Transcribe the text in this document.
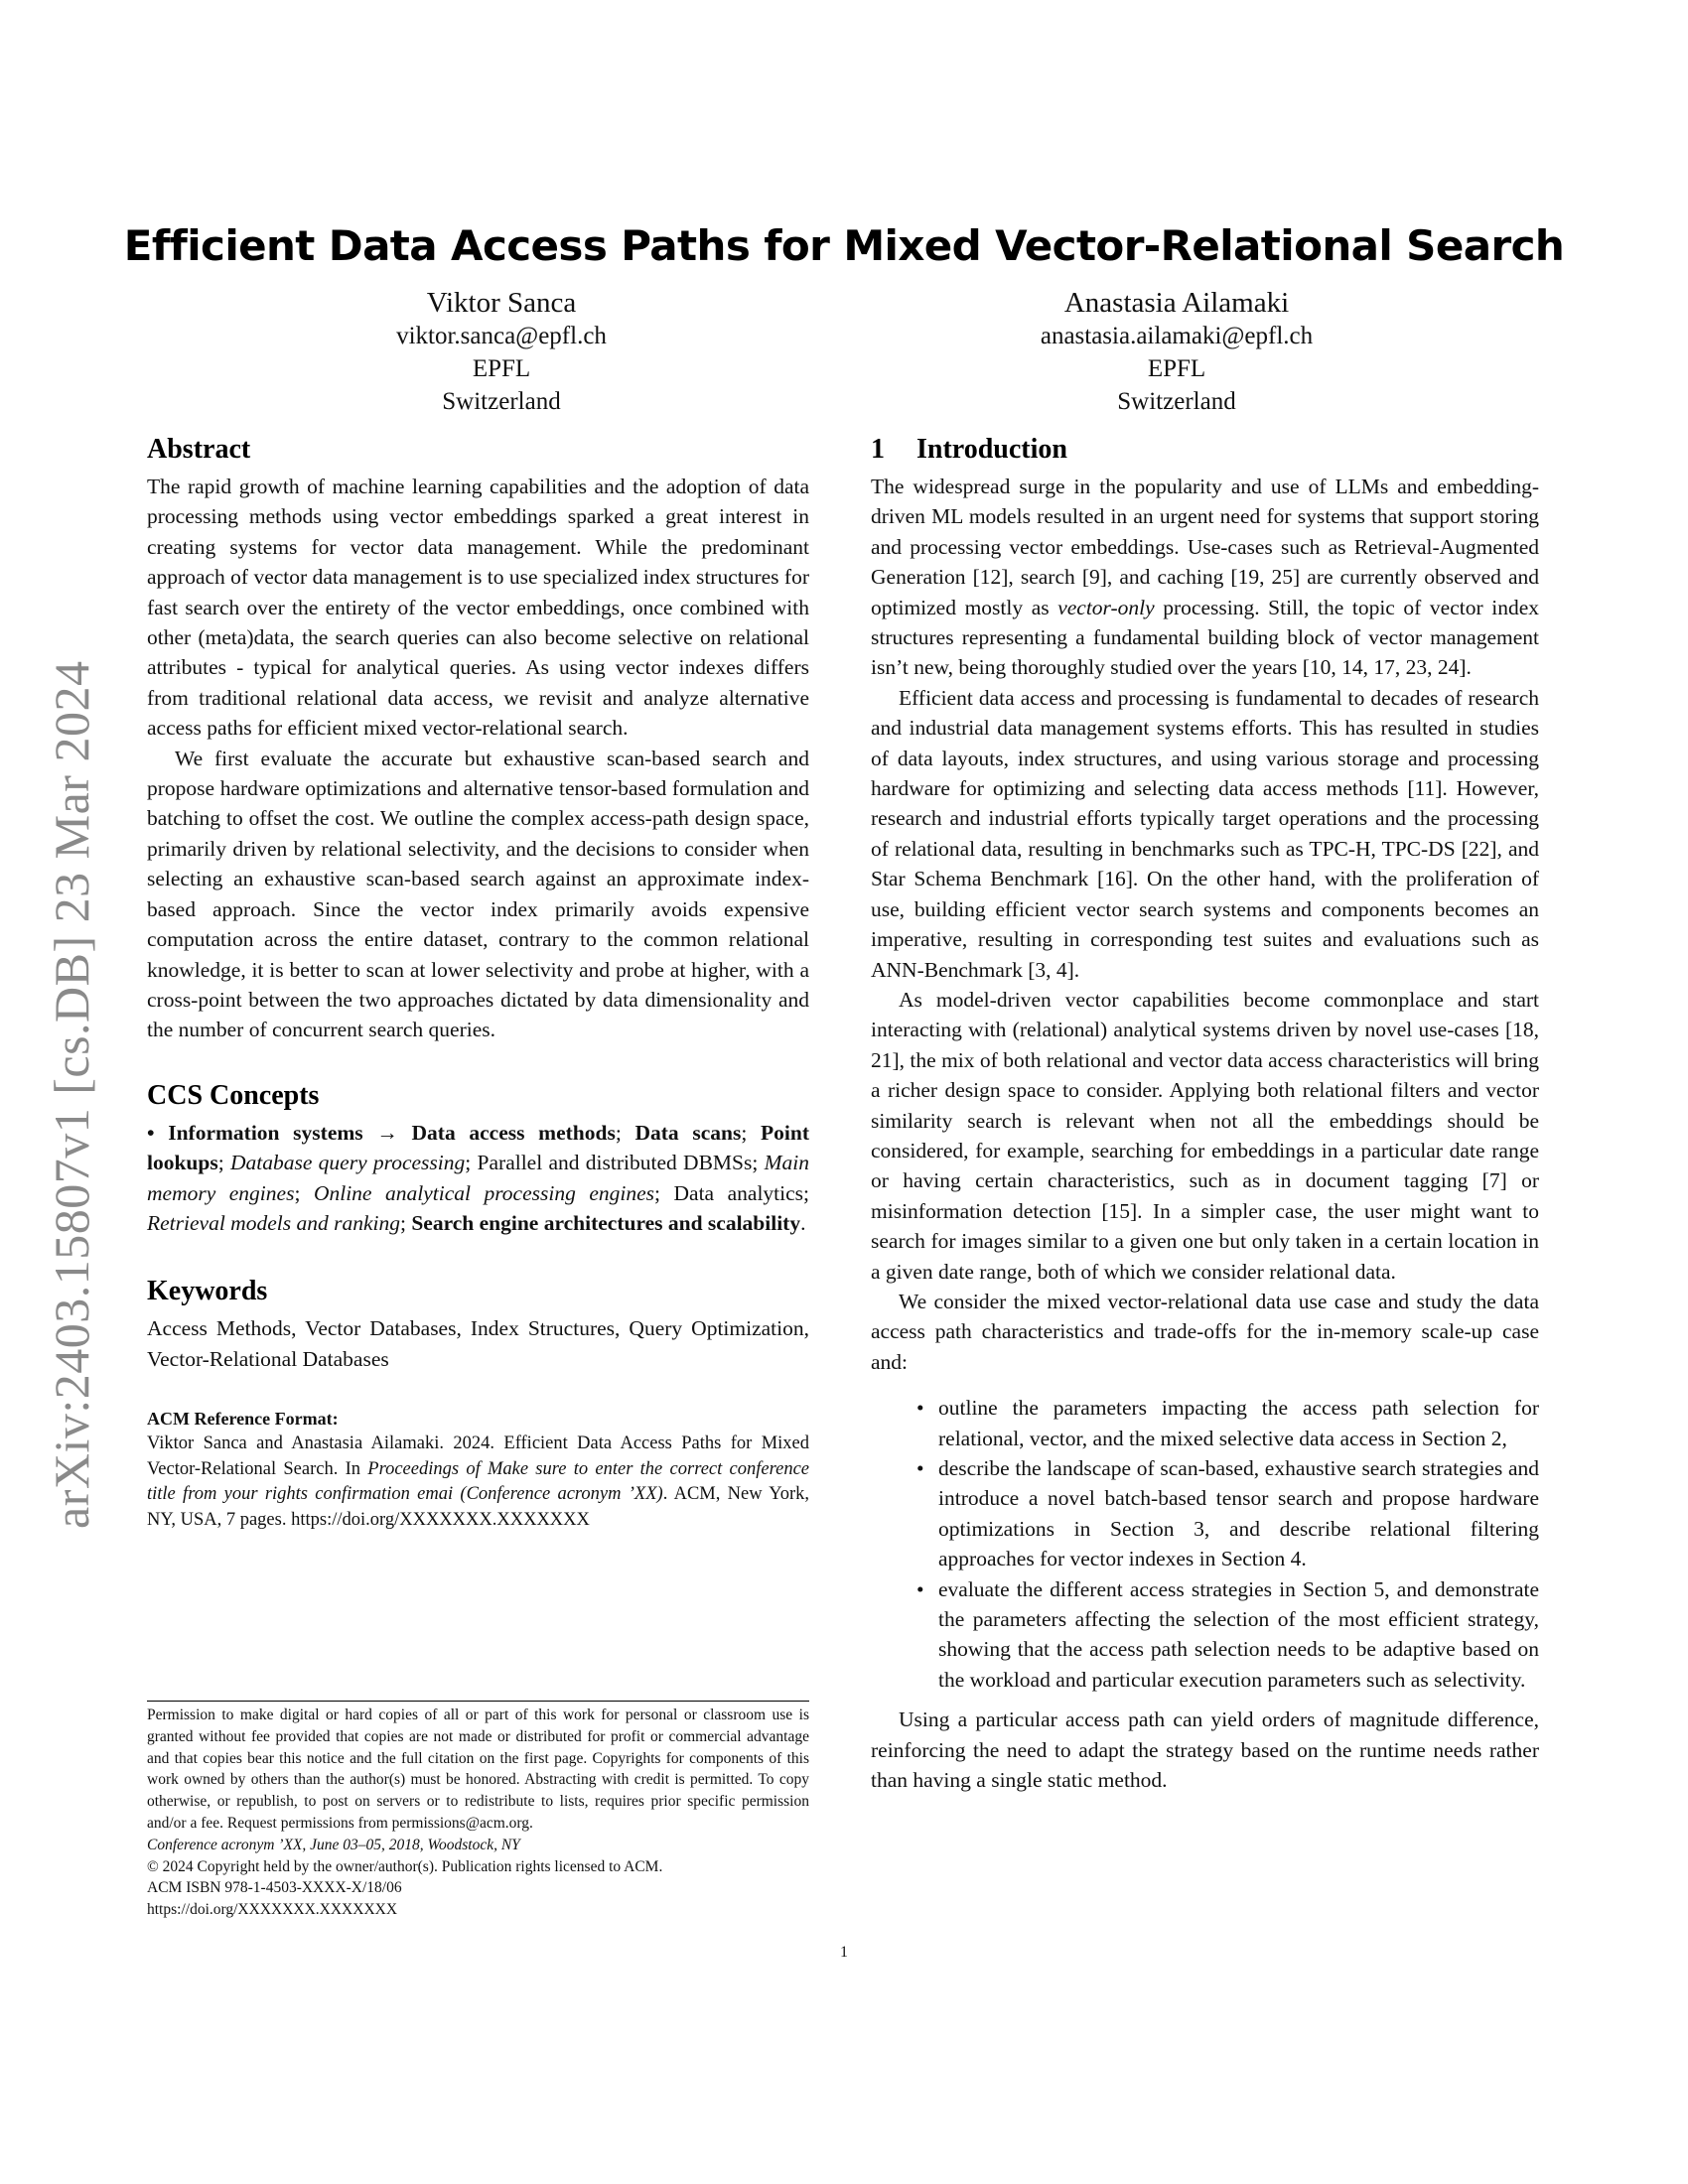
arXiv:2403.15807v1 [cs.DB] 23 Mar 2024
Efficient Data Access Paths for Mixed Vector-Relational Search
Viktor Sanca
viktor.sanca@epfl.ch
EPFL
Switzerland
Anastasia Ailamaki
anastasia.ailamaki@epfl.ch
EPFL
Switzerland
Abstract

The rapid growth of machine learning capabilities and the adoption of data processing methods using vector embeddings sparked a great interest in creating systems for vector data management. While the predominant approach of vector data management is to use specialized index structures for fast search over the entirety of the vector embeddings, once combined with other (meta)data, the search queries can also become selective on relational attributes - typical for analytical queries. As using vector indexes differs from traditional relational data access, we revisit and analyze alternative access paths for efficient mixed vector-relational search.

We first evaluate the accurate but exhaustive scan-based search and propose hardware optimizations and alternative tensor-based formulation and batching to offset the cost. We outline the complex access-path design space, primarily driven by relational selectivity, and the decisions to consider when selecting an exhaustive scan-based search against an approximate index-based approach. Since the vector index primarily avoids expensive computation across the entire dataset, contrary to the common relational knowledge, it is better to scan at lower selectivity and probe at higher, with a cross-point between the two approaches dictated by data dimensionality and the number of concurrent search queries.

CCS Concepts

• Information systems → Data access methods; Data scans; Point lookups; Database query processing; Parallel and distributed DBMSs; Main memory engines; Online analytical processing engines; Data analytics; Retrieval models and ranking; Search engine architectures and scalability.

Keywords

Access Methods, Vector Databases, Index Structures, Query Optimization, Vector-Relational Databases

ACM Reference Format:
Viktor Sanca and Anastasia Ailamaki. 2024. Efficient Data Access Paths for Mixed Vector-Relational Search. In Proceedings of Make sure to enter the correct conference title from your rights confirmation emai (Conference acronym ’XX). ACM, New York, NY, USA, 7 pages. https://doi.org/XXXXXXX.XXXXXXX
Permission to make digital or hard copies of all or part of this work for personal or classroom use is granted without fee provided that copies are not made or distributed for profit or commercial advantage and that copies bear this notice and the full citation on the first page. Copyrights for components of this work owned by others than the author(s) must be honored. Abstracting with credit is permitted. To copy otherwise, or republish, to post on servers or to redistribute to lists, requires prior specific permission and/or a fee. Request permissions from permissions@acm.org.
Conference acronym ’XX, June 03–05, 2018, Woodstock, NY
© 2024 Copyright held by the owner/author(s). Publication rights licensed to ACM.
ACM ISBN 978-1-4503-XXXX-X/18/06
https://doi.org/XXXXXXX.XXXXXXX
1 Introduction

The widespread surge in the popularity and use of LLMs and embedding-driven ML models resulted in an urgent need for systems that support storing and processing vector embeddings. Use-cases such as Retrieval-Augmented Generation [12], search [9], and caching [19, 25] are currently observed and optimized mostly as vector-only processing. Still, the topic of vector index structures representing a fundamental building block of vector management isn’t new, being thoroughly studied over the years [10, 14, 17, 23, 24].

Efficient data access and processing is fundamental to decades of research and industrial data management systems efforts. This has resulted in studies of data layouts, index structures, and using various storage and processing hardware for optimizing and selecting data access methods [11]. However, research and industrial efforts typically target operations and the processing of relational data, resulting in benchmarks such as TPC-H, TPC-DS [22], and Star Schema Benchmark [16]. On the other hand, with the proliferation of use, building efficient vector search systems and components becomes an imperative, resulting in corresponding test suites and evaluations such as ANN-Benchmark [3, 4].

As model-driven vector capabilities become commonplace and start interacting with (relational) analytical systems driven by novel use-cases [18, 21], the mix of both relational and vector data access characteristics will bring a richer design space to consider. Applying both relational filters and vector similarity search is relevant when not all the embeddings should be considered, for example, searching for embeddings in a particular date range or having certain characteristics, such as in document tagging [7] or misinformation detection [15]. In a simpler case, the user might want to search for images similar to a given one but only taken in a certain location in a given date range, both of which we consider relational data.

We consider the mixed vector-relational data use case and study the data access path characteristics and trade-offs for the in-memory scale-up case and:

• outline the parameters impacting the access path selection for relational, vector, and the mixed selective data access in Section 2,
• describe the landscape of scan-based, exhaustive search strategies and introduce a novel batch-based tensor search and propose hardware optimizations in Section 3, and describe relational filtering approaches for vector indexes in Section 4.
• evaluate the different access strategies in Section 5, and demonstrate the parameters affecting the selection of the most efficient strategy, showing that the access path selection needs to be adaptive based on the workload and particular execution parameters such as selectivity.

Using a particular access path can yield orders of magnitude difference, reinforcing the need to adapt the strategy based on the runtime needs rather than having a single static method.

1
